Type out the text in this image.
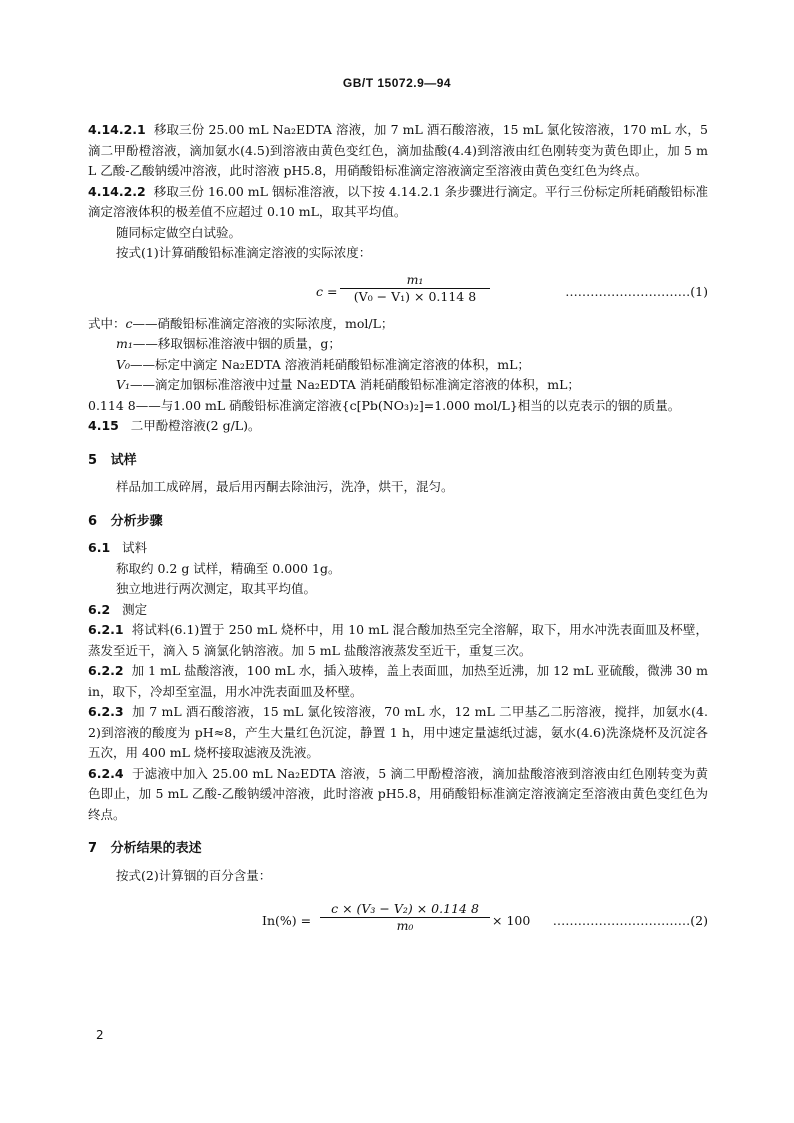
GB/T 15072.9—94

4.14.2.1 移取三份 25.00 mL Na₂EDTA 溶液，加 7 mL 酒石酸溶液，15 mL 氯化铵溶液，170 mL 水，5 滴二甲酚橙溶液，滴加氨水(4.5)到溶液由黄色变红色，滴加盐酸(4.4)到溶液由红色刚转变为黄色即止，加 5 mL 乙酸-乙酸钠缓冲溶液，此时溶液 pH5.8，用硝酸铅标准滴定溶液滴定至溶液由黄色变红色为终点。

4.14.2.2 移取三份 16.00 mL 铟标准溶液，以下按 4.14.2.1 条步骤进行滴定。平行三份标定所耗硝酸铅标准滴定溶液体积的极差值不应超过 0.10 mL，取其平均值。

随同标定做空白试验。

按式(1)计算硝酸铅标准滴定溶液的实际浓度：

$c = \frac{\text{m₁}}{\text{(V₀ − V₁) × 0.114 8}}$	…………………………(1)

式中：c——硝酸铅标准滴定溶液的实际浓度，mol/L；

m₁——移取铟标准溶液中铟的质量，g；

V₀——标定中滴定 Na₂EDTA 溶液消耗硝酸铅标准滴定溶液的体积，mL；

V₁——滴定加铟标准溶液中过量 Na₂EDTA 消耗硝酸铅标准滴定溶液的体积，mL；

0.114 8——与1.00 mL 硝酸铅标准滴定溶液{c[Pb(NO₃)₂]=1.000 mol/L}相当的以克表示的铟的质量。

4.15 二甲酚橙溶液(2 g/L)。

5 试样

样品加工成碎屑，最后用丙酮去除油污，洗净，烘干，混匀。

6 分析步骤

6.1 试料

称取约 0.2 g 试样，精确至 0.000 1g。

独立地进行两次测定，取其平均值。

6.2 测定

6.2.1 将试料(6.1)置于 250 mL 烧杯中，用 10 mL 混合酸加热至完全溶解，取下，用水冲洗表面皿及杯壁，蒸发至近干，滴入 5 滴氯化钠溶液。加 5 mL 盐酸溶液蒸发至近干，重复三次。

6.2.2 加 1 mL 盐酸溶液，100 mL 水，插入玻棒，盖上表面皿，加热至近沸，加 12 mL 亚硫酸，微沸 30 min，取下，冷却至室温，用水冲洗表面皿及杯壁。

6.2.3 加 7 mL 酒石酸溶液，15 mL 氯化铵溶液，70 mL 水，12 mL 二甲基乙二肟溶液，搅拌，加氨水(4.2)到溶液的酸度为 pH≈8，产生大量红色沉淀，静置 1 h，用中速定量滤纸过滤，氨水(4.6)洗涤烧杯及沉淀各五次，用 400 mL 烧杯接取滤液及洗液。

6.2.4 于滤液中加入 25.00 mL Na₂EDTA 溶液，5 滴二甲酚橙溶液，滴加盐酸溶液到溶液由红色刚转变为黄色即止，加 5 mL 乙酸-乙酸钠缓冲溶液，此时溶液 pH5.8，用硝酸铅标准滴定溶液滴定至溶液由黄色变红色为终点。

7 分析结果的表述

按式(2)计算铟的百分含量：

$In(\%) = \frac{\text{c × (V₃ − V₂) × 0.114 8}}{\text{m₀}} \times 100$ ……………………………(2)
2
